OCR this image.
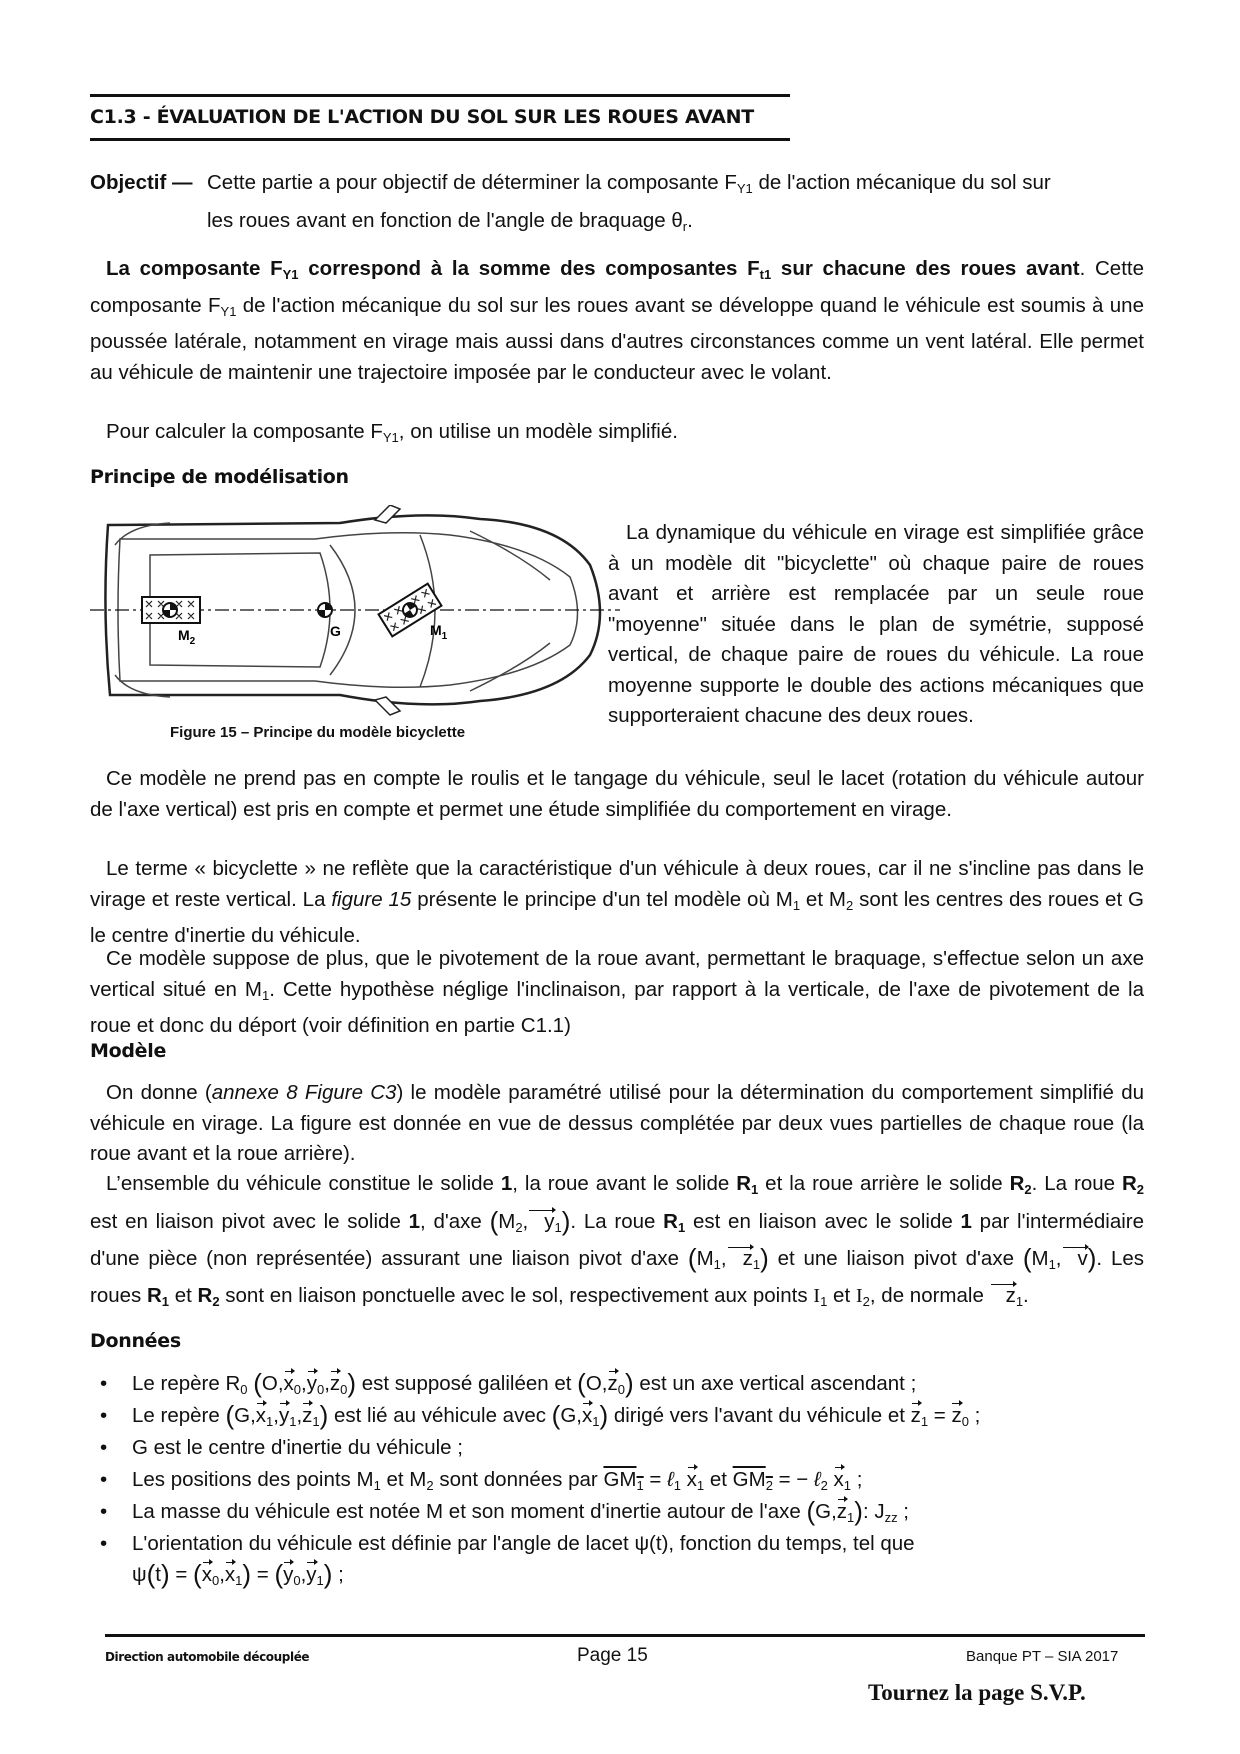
C1.3 - ÉVALUATION DE L'ACTION DU SOL SUR LES ROUES AVANT
Objectif — Cette partie a pour objectif de déterminer la composante $F_{Y1}$ de l'action mécanique du sol sur
les roues avant en fonction de l'angle de braquage $\theta_r$.
La composante $F_{Y1}$ correspond à la somme des composantes $F_{t1}$ sur chacune des roues avant. Cette composante $F_{Y1}$ de l'action mécanique du sol sur les roues avant se développe quand le véhicule est soumis à une poussée latérale, notamment en virage mais aussi dans d'autres circonstances comme un vent latéral. Elle permet au véhicule de maintenir une trajectoire imposée par le conducteur avec le volant.
Pour calculer la composante $F_{Y1}$, on utilise un modèle simplifié.
Principe de modélisation
$M_2$
G	$M_1$
Figure 15 – Principe du modèle bicyclette
La dynamique du véhicule en virage est simplifiée grâce à un modèle dit "bicyclette" où chaque paire de roues avant et arrière est remplacée par un seule roue "moyenne" située dans le plan de symétrie, supposé vertical, de chaque paire de roues du véhicule. La roue moyenne supporte le double des actions mécaniques que supporteraient chacune des deux roues.
Ce modèle ne prend pas en compte le roulis et le tangage du véhicule, seul le lacet (rotation du véhicule autour de l'axe vertical) est pris en compte et permet une étude simplifiée du comportement en virage.
Le terme « bicyclette » ne reflète que la caractéristique d'un véhicule à deux roues, car il ne s'incline pas dans le virage et reste vertical. La figure 15 présente le principe d'un tel modèle où $M_1$ et $M_2$ sont les centres des roues et G le centre d'inertie du véhicule.
Ce modèle suppose de plus, que le pivotement de la roue avant, permettant le braquage, s'effectue selon un axe vertical situé en $M_1$. Cette hypothèse néglige l'inclinaison, par rapport à la verticale, de l'axe de pivotement de la roue et donc du déport (voir définition en partie C1.1)
Modèle
On donne (annexe 8 Figure C3) le modèle paramétré utilisé pour la détermination du comportement simplifié du véhicule en virage. La figure est donnée en vue de dessus complétée par deux vues partielles de chaque roue (la roue avant et la roue arrière).
L’ensemble du véhicule constitue le solide 1, la roue avant le solide $R_1$ et la roue arrière le solide $R_2$. La roue $R_2$ est en liaison pivot avec le solide 1, d'axe ($M_2$, $y_1$). La roue $R_1$ est en liaison avec le solide 1 par l'intermédiaire d'une pièce (non représentée) assurant une liaison pivot d'axe ($M_1$, $z_1$) et une liaison pivot d'axe ($M_1$, v). Les roues $R_1$ et $R_2$ sont en liaison ponctuelle avec le sol, respectivement aux points $I_1$ et $I_2$, de normale $z_1$.
Données
• Le repère $R_0$ $(O,x_0,y_0,z_0)$ est supposé galiléen et $(O,z_0)$ est un axe vertical ascendant ;
• Le repère $(G,x_1,y_1,z_1)$ est lié au véhicule avec $(G,x_1)$ dirigé vers l'avant du véhicule et $z_1 = z_0$ ;
• G est le centre d'inertie du véhicule ;
• Les positions des points $M_1$ et $M_2$ sont données par $GM_1$ = ℓ$_1$ $x_1$ et $GM_2$ = − ℓ$_2$ $x_1$ ;
• La masse du véhicule est notée M et son moment d'inertie autour de l'axe $(G,z_1)$: $J_{zz}$ ;
• L'orientation du véhicule est définie par l'angle de lacet ψ(t), fonction du temps, tel que
$\psi(t) = (x_0,x_1) = (y_0,y_1)$ ;
Direction automobile découplée	Page 15	Banque PT – SIA 2017
Tournez la page S.V.P.
